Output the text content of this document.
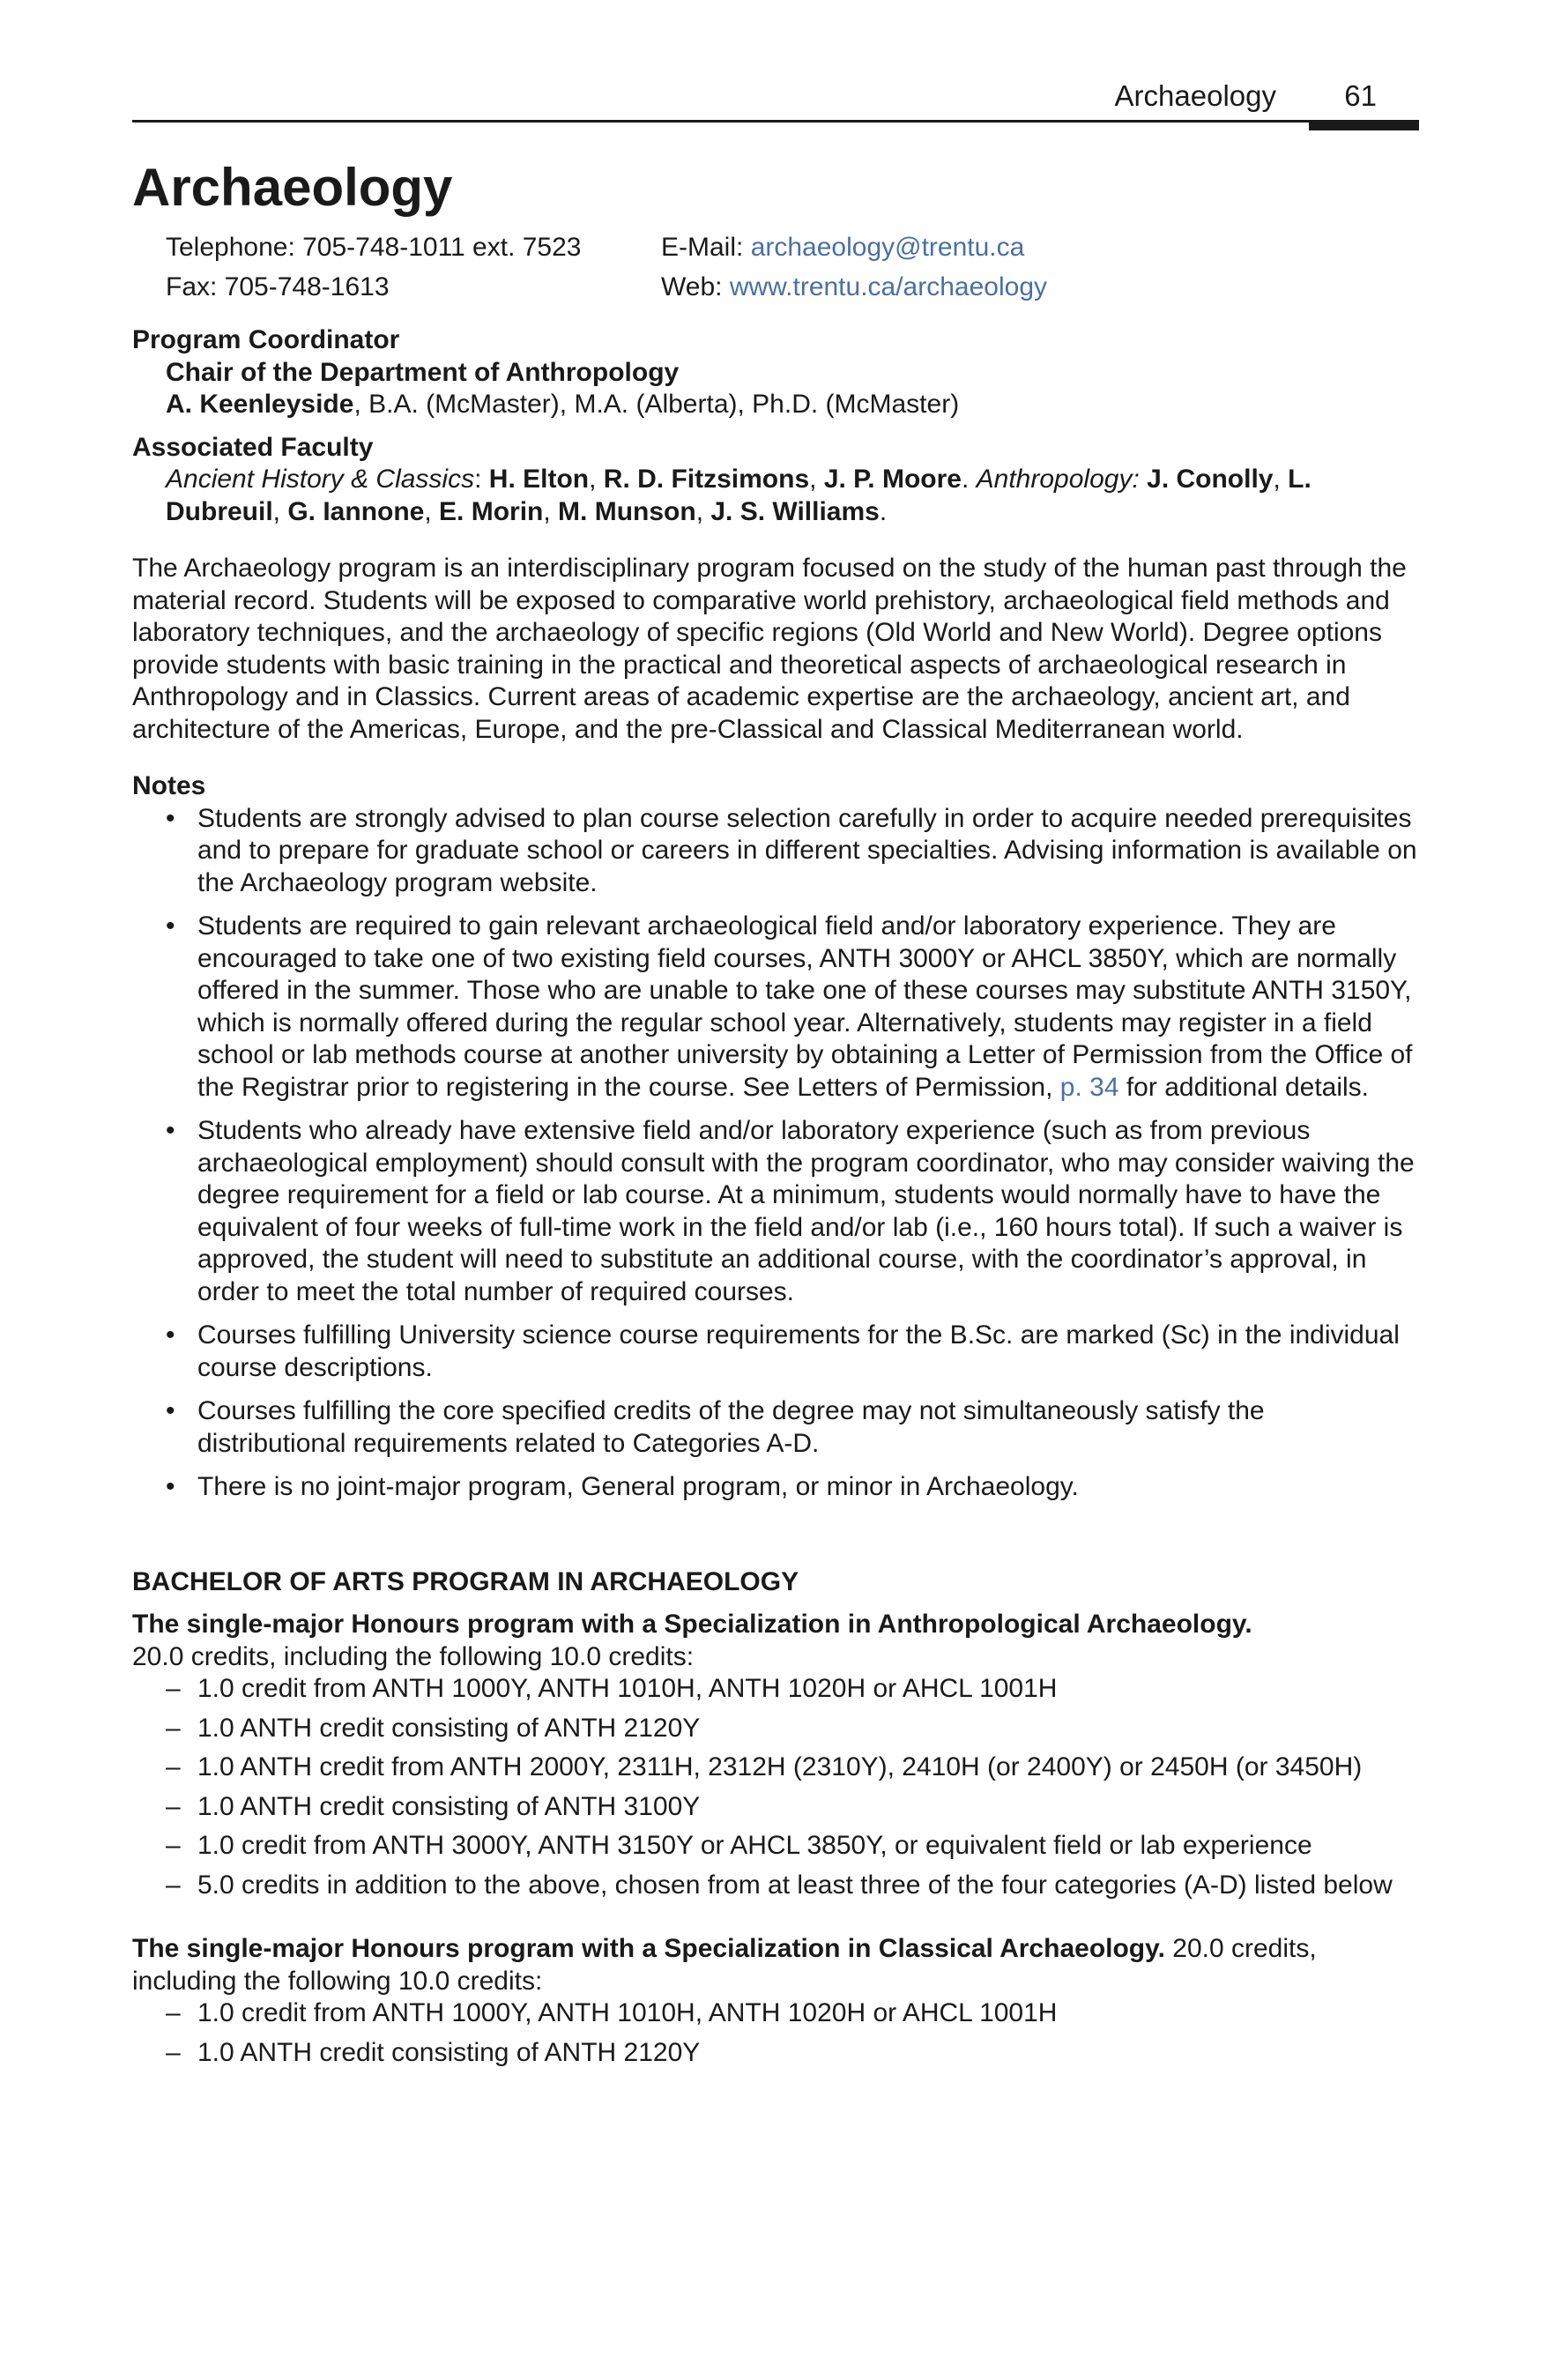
Archaeology 61
Archaeology
Telephone: 705-748-1011 ext. 7523	E-Mail: archaeology@trentu.ca
Fax: 705-748-1613	Web: www.trentu.ca/archaeology

Program Coordinator

Chair of the Department of Anthropology

A. Keenleyside, B.A. (McMaster), M.A. (Alberta), Ph.D. (McMaster)

Associated Faculty

Ancient History & Classics: H. Elton, R. D. Fitzsimons, J. P. Moore. Anthropology: J. Conolly, L. Dubreuil, G. Iannone, E. Morin, M. Munson, J. S. Williams.

The Archaeology program is an interdisciplinary program focused on the study of the human past through the material record. Students will be exposed to comparative world prehistory, archaeological field methods and laboratory techniques, and the archaeology of specific regions (Old World and New World). Degree options provide students with basic training in the practical and theoretical aspects of archaeological research in Anthropology and in Classics. Current areas of academic expertise are the archaeology, ancient art, and architecture of the Americas, Europe, and the pre-Classical and Classical Mediterranean world.

Notes

• Students are strongly advised to plan course selection carefully in order to acquire needed prerequisites and to prepare for graduate school or careers in different specialties. Advising information is available on the Archaeology program website.
• Students are required to gain relevant archaeological field and/or laboratory experience. They are encouraged to take one of two existing field courses, ANTH 3000Y or AHCL 3850Y, which are normally offered in the summer. Those who are unable to take one of these courses may substitute ANTH 3150Y, which is normally offered during the regular school year. Alternatively, students may register in a field school or lab methods course at another university by obtaining a Letter of Permission from the Office of the Registrar prior to registering in the course. See Letters of Permission, p. 34 for additional details.
• Students who already have extensive field and/or laboratory experience (such as from previous archaeological employment) should consult with the program coordinator, who may consider waiving the degree requirement for a field or lab course. At a minimum, students would normally have to have the equivalent of four weeks of full-time work in the field and/or lab (i.e., 160 hours total). If such a waiver is approved, the student will need to substitute an additional course, with the coordinator’s approval, in order to meet the total number of required courses.
• Courses fulfilling University science course requirements for the B.Sc. are marked (Sc) in the individual course descriptions.
• Courses fulfilling the core specified credits of the degree may not simultaneously satisfy the distributional requirements related to Categories A-D.
• There is no joint-major program, General program, or minor in Archaeology.

BACHELOR OF ARTS PROGRAM IN ARCHAEOLOGY

The single-major Honours program with a Specialization in Anthropological Archaeology.

20.0 credits, including the following 10.0 credits:

– 1.0 credit from ANTH 1000Y, ANTH 1010H, ANTH 1020H or AHCL 1001H
– 1.0 ANTH credit consisting of ANTH 2120Y
– 1.0 ANTH credit from ANTH 2000Y, 2311H, 2312H (2310Y), 2410H (or 2400Y) or 2450H (or 3450H)
– 1.0 ANTH credit consisting of ANTH 3100Y
– 1.0 credit from ANTH 3000Y, ANTH 3150Y or AHCL 3850Y, or equivalent field or lab experience
– 5.0 credits in addition to the above, chosen from at least three of the four categories (A-D) listed below

The single-major Honours program with a Specialization in Classical Archaeology. 20.0 credits, including the following 10.0 credits:

– 1.0 credit from ANTH 1000Y, ANTH 1010H, ANTH 1020H or AHCL 1001H
– 1.0 ANTH credit consisting of ANTH 2120Y
